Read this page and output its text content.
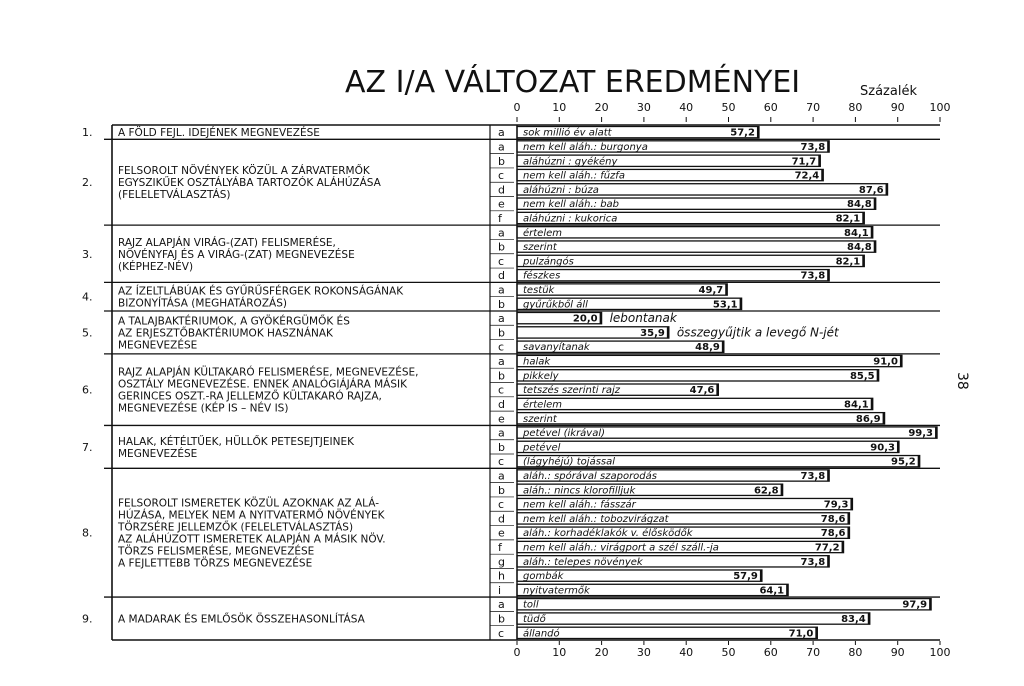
AZ I/A VÁLTOZAT EREDMÉNYEI	Százalék
38
0
0
10
10
20
20
30
30
40
40
50
50
60
60
70
70
80
80
90
90
100
100
1. A FÖLD FEJL. IDEJÉNEK MEGNEVEZÉSE	a sok millió év alatt	57,2
2.
FELSOROLT NÖVÉNYEK KÖZÜL A ZÁRVATERMŐK
EGYSZIKŰEK OSZTÁLYÁBA TARTOZÓK ALÁHÚZÁSA
(FELELETVÁLASZTÁS)
a nem kell aláh.: burgonya	73,8
b aláhúzni : gyékény	71,7
c nem kell aláh.: fűzfa	72,4
d aláhúzni : búza	87,6
e nem kell aláh.: bab	84,8
f aláhúzni : kukorica	82,1
3.
RAJZ ALAPJÁN VIRÁG-(ZAT) FELISMERÉSE,
NÖVÉNYFAJ ÉS A VIRÁG-(ZAT) MEGNEVEZÉSE
(KÉPHEZ-NÉV)
a értelem	84,1
b szerint	84,8
c pulzángós	82,1
d fészkes	73,8
4. AZ ÍZELTLÁBÚAK ÉS GYŰRŰSFÉRGEK ROKONSÁGÁNAK
BIZONYÍTÁSA (MEGHATÁROZÁS)
a testük	49,7
b gyűrűkből áll	53,1
5.
A TALAJBAKTÉRIUMOK, A GYÖKÉRGÜMŐK ÉS
AZ ERJESZTŐBAKTÉRIUMOK HASZNÁNAK
MEGNEVEZÉSE
a	20,0 lebontanak
b	35,9 összegyűjtik a levegő N-jét
c savanyítanak	48,9
6.
RAJZ ALAPJÁN KÜLTAKARÓ FELISMERÉSE, MEGNEVEZÉSE,
OSZTÁLY MEGNEVEZÉSE. ENNEK ANALÓGIÁJÁRA MÁSIK
GERINCES OSZT.-RA JELLEMZŐ KÜLTAKARÓ RAJZA,
MEGNEVEZÉSE (KÉP IS – NÉV IS)
a halak	91,0
b pikkely	85,5
c tetszés szerinti rajz	47,6
d értelem	84,1
e szerint	86,9
7. HALAK, KÉTÉLTŰEK, HÜLLŐK PETESEJTJEINEK
MEGNEVEZÉSE
a petével (ikrával)	99,3
b petével	90,3
c (lágyhéjú) tojással	95,2
8.
FELSOROLT ISMERETEK KÖZÜL AZOKNAK AZ ALÁ-
HÚZÁSA, MELYEK NEM A NYITVATERMŐ NÖVÉNYEK
TÖRZSÉRE JELLEMZŐK (FELELETVÁLASZTÁS)
AZ ALÁHÚZOTT ISMERETEK ALAPJÁN A MÁSIK NÖV.
TÖRZS FELISMERÉSE, MEGNEVEZÉSE
A FEJLETTEBB TÖRZS MEGNEVEZÉSE
a aláh.: spórával szaporodás	73,8
b aláh.: nincs klorofilljuk	62,8
c nem kell aláh.: fásszár	79,3
d nem kell aláh.: tobozvirágzat	78,6
e aláh.: korhadéklakók v. élősködők	78,6
f nem kell aláh.: virágport a szél száll.-ja	77,2
g aláh.: telepes növények	73,8
h gombák	57,9
i nyitvatermők	64,1
9. A MADARAK ÉS EMLŐSÖK ÖSSZEHASONLÍTÁSA
a toll	97,9
b tüdő	83,4
c állandó	71,0
